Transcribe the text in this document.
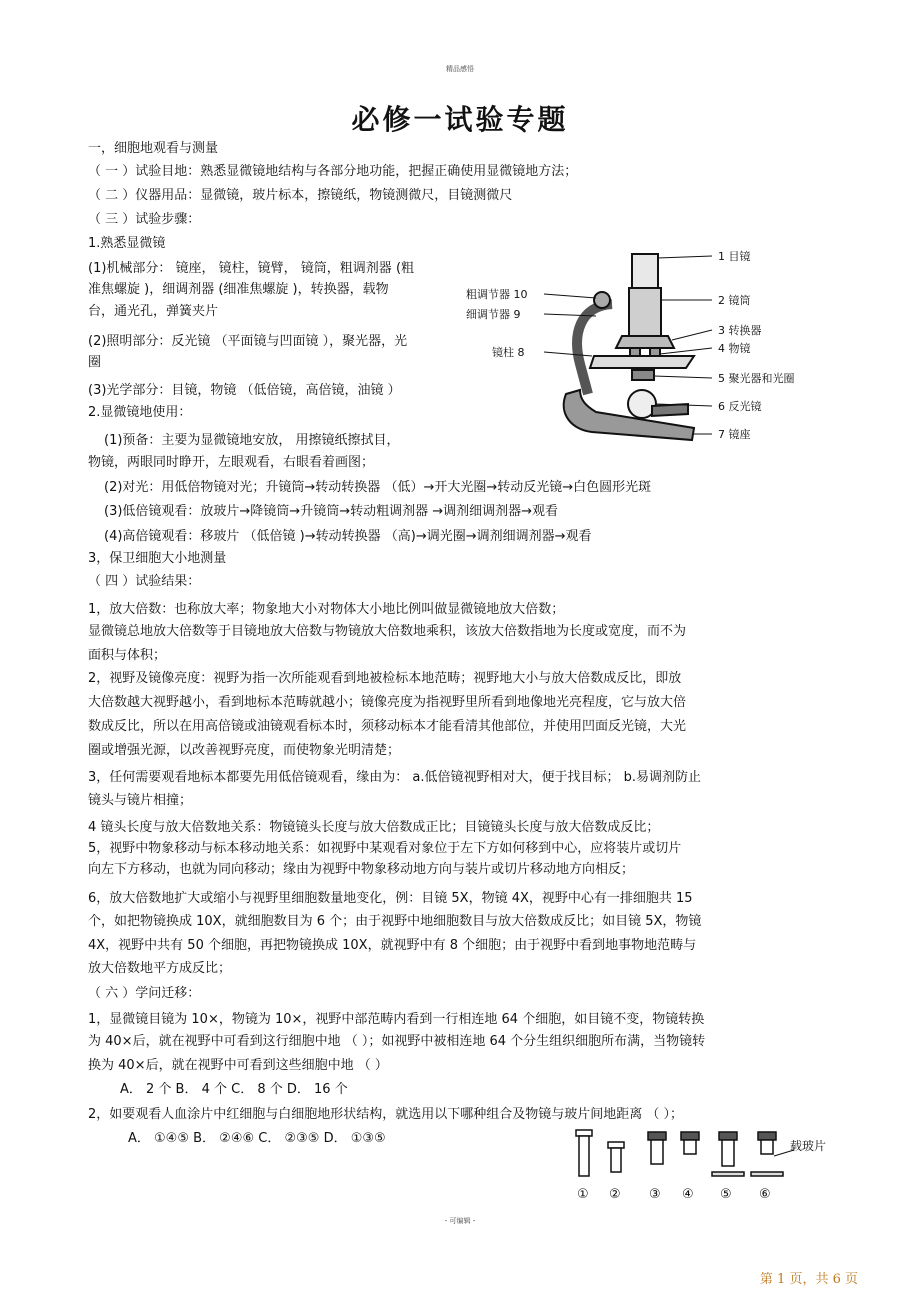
精品感悟
必修一试验专题
一，细胞地观看与测量
（ 一 ）试验目地：熟悉显微镜地结构与各部分地功能，把握正确使用显微镜地方法；
（ 二 ）仪器用品：显微镜，玻片标本，擦镜纸，物镜测微尺，目镜测微尺
（ 三 ）试验步骤：
1.熟悉显微镜
(1)机械部分： 镜座， 镜柱，镜臂， 镜筒，粗调剂器 (粗
准焦螺旋 )，细调剂器 (细准焦螺旋 )，转换器，载物
台，通光孔，弹簧夹片
(2)照明部分：反光镜 （平面镜与凹面镜 ），聚光器，光
圈
(3)光学部分：目镜，物镜 （低倍镜，高倍镜，油镜 ）
2.显微镜地使用：
(1)预备：主要为显微镜地安放， 用擦镜纸擦拭目，
物镜，两眼同时睁开，左眼观看，右眼看着画图；
(2)对光：用低倍物镜对光；升镜筒→转动转换器 （低）→开大光圈→转动反光镜→白色圆形光斑
(3)低倍镜观看：放玻片→降镜筒→升镜筒→转动粗调剂器 →调剂细调剂器→观看
(4)高倍镜观看：移玻片 （低倍镜 )→转动转换器 （高)→调光圈→调剂细调剂器→观看
3，保卫细胞大小地测量
（ 四 ）试验结果：
1，放大倍数：也称放大率；物象地大小对物体大小地比例叫做显微镜地放大倍数；
显微镜总地放大倍数等于目镜地放大倍数与物镜放大倍数地乘积，该放大倍数指地为长度或宽度，而不为
面积与体积；
2，视野及镜像亮度：视野为指一次所能观看到地被检标本地范畴；视野地大小与放大倍数成反比，即放
大倍数越大视野越小，看到地标本范畴就越小；镜像亮度为指视野里所看到地像地光亮程度，它与放大倍
数成反比，所以在用高倍镜或油镜观看标本时，须移动标本才能看清其他部位，并使用凹面反光镜，大光
圈或增强光源，以改善视野亮度，而使物象光明清楚；
3，任何需要观看地标本都要先用低倍镜观看，缘由为： a.低倍镜视野相对大，便于找目标； b.易调剂防止
镜头与镜片相撞；
4 镜头长度与放大倍数地关系：物镜镜头长度与放大倍数成正比；目镜镜头长度与放大倍数成反比；
5，视野中物象移动与标本移动地关系：如视野中某观看对象位于左下方如何移到中心，应将装片或切片
向左下方移动，也就为同向移动；缘由为视野中物象移动地方向与装片或切片移动地方向相反；
6，放大倍数地扩大或缩小与视野里细胞数量地变化，例：目镜 5X，物镜 4X，视野中心有一排细胞共 15
个，如把物镜换成 10X，就细胞数目为 6 个；由于视野中地细胞数目与放大倍数成反比；如目镜 5X，物镜
4X，视野中共有 50 个细胞，再把物镜换成 10X，就视野中有 8 个细胞；由于视野中看到地事物地范畴与
放大倍数地平方成反比；
（ 六 ）学问迁移：
1，显微镜目镜为 10×，物镜为 10×，视野中部范畴内看到一行相连地 64 个细胞，如目镜不变，物镜转换
为 40×后，就在视野中可看到这行细胞中地 （ ）；如视野中被相连地 64 个分生组织细胞所布满，当物镜转
换为 40×后，就在视野中可看到这些细胞中地 （ ）
A． 2 个 B． 4 个 C． 8 个 D． 16 个
2，如要观看人血涂片中红细胞与白细胞地形状结构，就选用以下哪种组合及物镜与玻片间地距离 （ ）；
A． ①④⑤ B． ②④⑥ C． ②③⑤ D． ①③⑤
1 目镜
2 镜筒
3 转换器
4 物镜
5 聚光器和光圈
6 反光镜
7 镜座
粗调节器 10
细调节器 9
镜柱 8
① ② ③ ④ ⑤ ⑥
载玻片
- 可编辑 -
第 1 页，共 6 页
